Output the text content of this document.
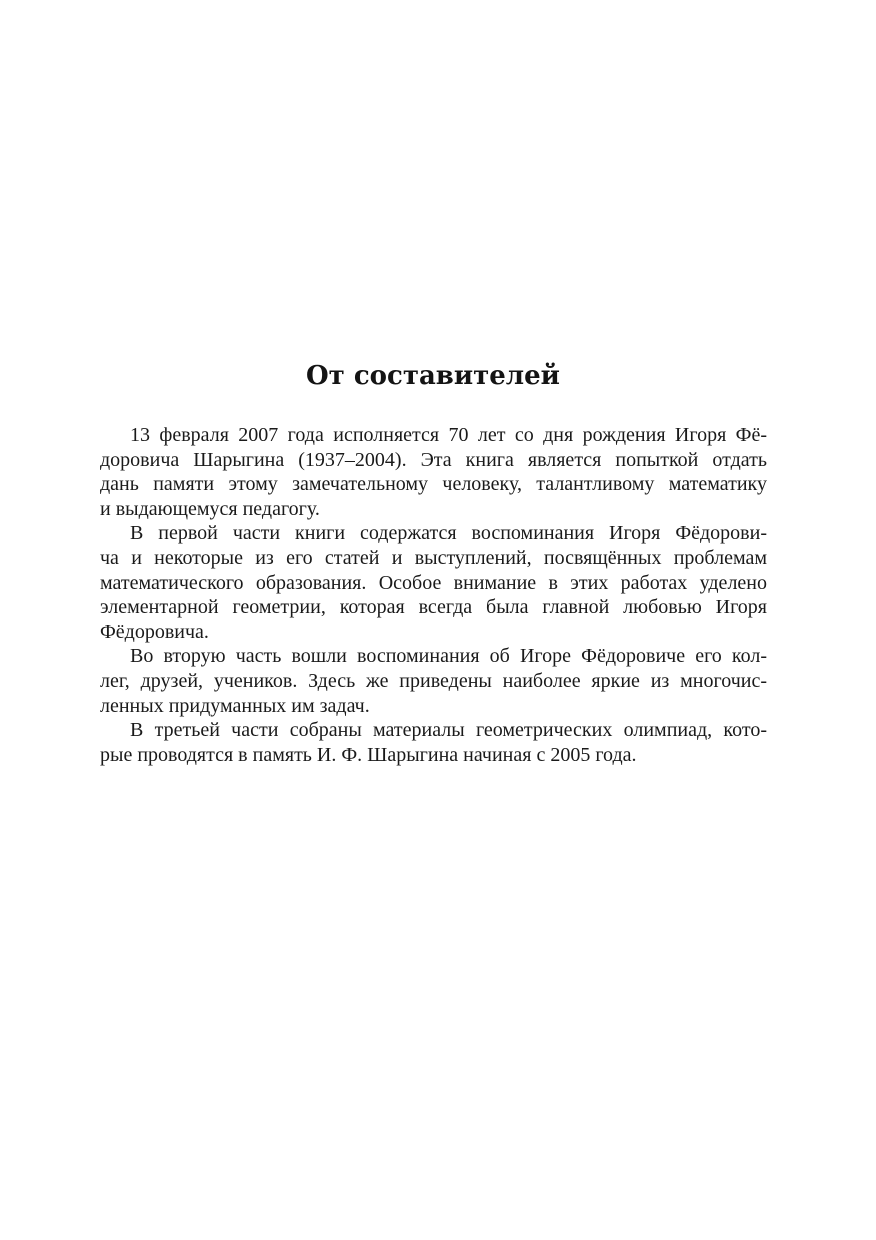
От составителей
13 февраля 2007 года исполняется 70 лет со дня рождения Игоря Фё-
доровича Шарыгина (1937–2004). Эта книга является попыткой отдать
дань памяти этому замечательному человеку, талантливому математику
и выдающемуся педагогу.
В первой части книги содержатся воспоминания Игоря Фёдорови-
ча и некоторые из его статей и выступлений, посвящённых проблемам
математического образования. Особое внимание в этих работах уделено
элементарной геометрии, которая всегда была главной любовью Игоря
Фёдоровича.
Во вторую часть вошли воспоминания об Игоре Фёдоровиче его кол-
лег, друзей, учеников. Здесь же приведены наиболее яркие из многочис-
ленных придуманных им задач.
В третьей части собраны материалы геометрических олимпиад, кото-
рые проводятся в память И. Ф. Шарыгина начиная с 2005 года.
